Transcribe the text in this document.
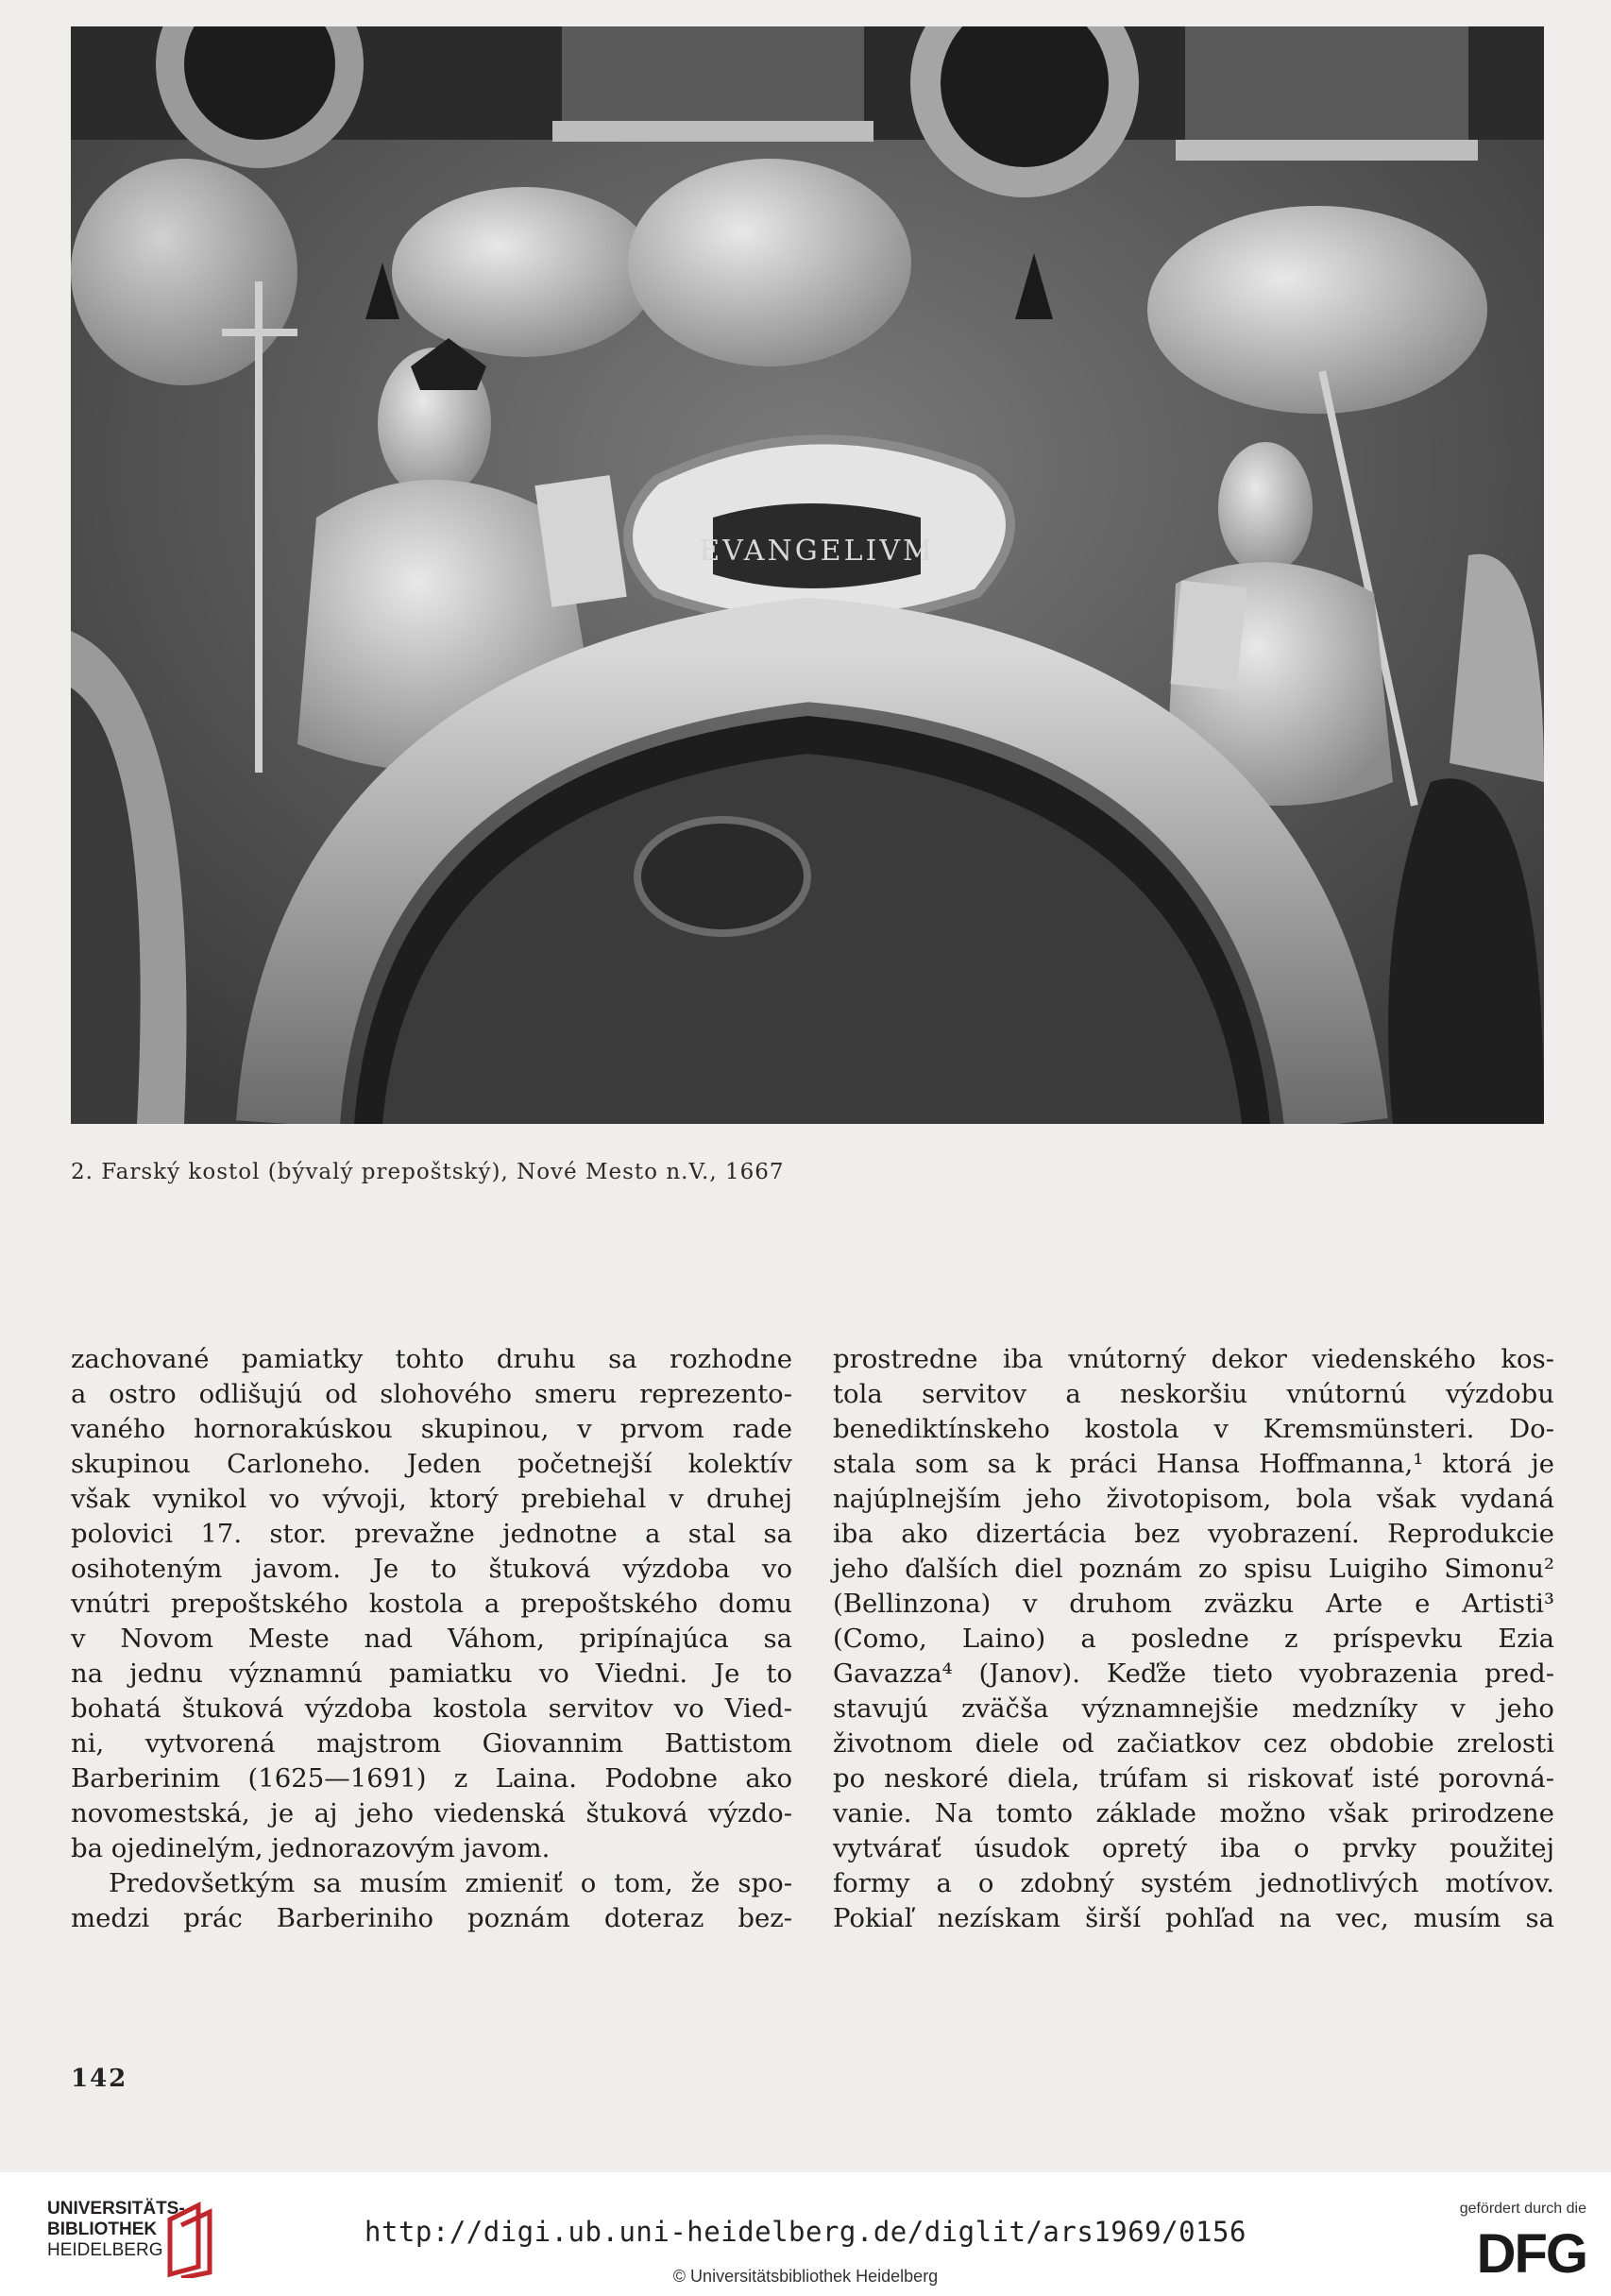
EVANGELIVM
2. Farský kostol (bývalý prepoštský), Nové Mesto n.V., 1667
zachované pamiatky tohto druhu sa rozhodne
a ostro odlišujú od slohového smeru reprezento-
vaného hornorakúskou skupinou, v prvom rade
skupinou Carloneho. Jeden početnejší kolektív
však vynikol vo vývoji, ktorý prebiehal v druhej
polovici 17. stor. prevažne jednotne a stal sa
osihoteným javom. Je to štuková výzdoba vo
vnútri prepoštského kostola a prepoštského domu
v Novom Meste nad Váhom, pripínajúca sa
na jednu významnú pamiatku vo Viedni. Je to
bohatá štuková výzdoba kostola servitov vo Vied-
ni, vytvorená majstrom Giovannim Battistom
Barberinim (1625—1691) z Laina. Podobne ako
novomestská, je aj jeho viedenská štuková výzdo-
ba ojedinelým, jednorazovým javom.
Predovšetkým sa musím zmieniť o tom, že spo-
medzi prác Barberiniho poznám doteraz bez-
prostredne iba vnútorný dekor viedenského kos-
tola servitov a neskoršiu vnútornú výzdobu
benediktínskeho kostola v Kremsmünsteri. Do-
stala som sa k práci Hansa Hoffmanna,¹ ktorá je
najúplnejším jeho životopisom, bola však vydaná
iba ako dizertácia bez vyobrazení. Reprodukcie
jeho ďalších diel poznám zo spisu Luigiho Simonu²
(Bellinzona) v druhom zväzku Arte e Artisti³
(Como, Laino) a posledne z príspevku Ezia
Gavazza⁴ (Janov). Keďže tieto vyobrazenia pred-
stavujú zväčša významnejšie medzníky v jeho
životnom diele od začiatkov cez obdobie zrelosti
po neskoré diela, trúfam si riskovať isté porovná-
vanie. Na tomto základe možno však prirodzene
vytvárať úsudok opretý iba o prvky použitej
formy a o zdobný systém jednotlivých motívov.
Pokiaľ nezískam širší pohľad na vec, musím sa
142
UNIVERSITÄTS-
BIBLIOTHEK
HEIDELBERG
http://digi.ub.uni-heidelberg.de/diglit/ars1969/0156
© Universitätsbibliothek Heidelberg
gefördert durch die
DFG
